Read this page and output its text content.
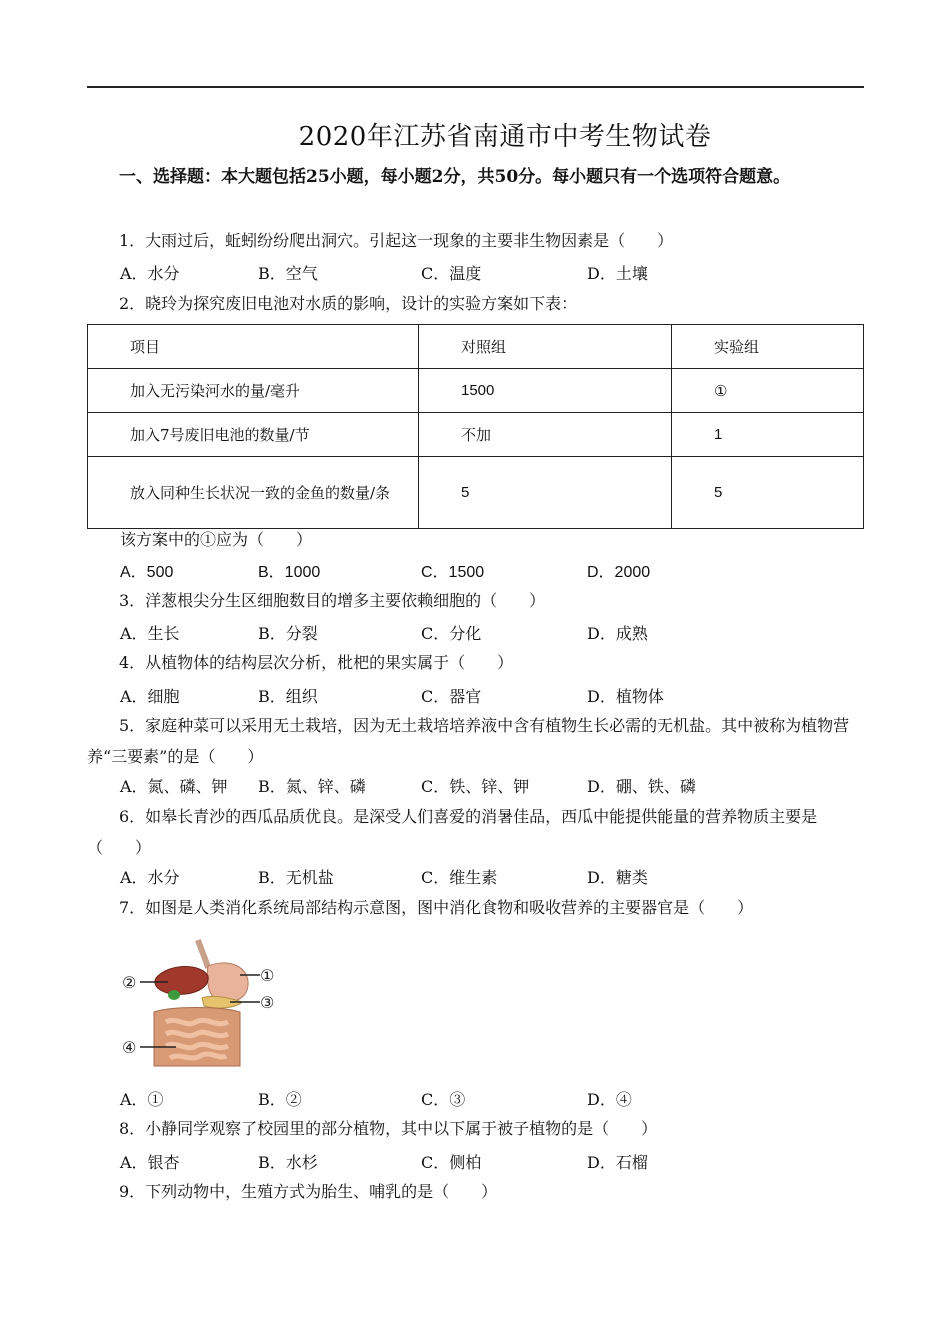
2020年江苏省南通市中考生物试卷
一、选择题：本大题包括25小题，每小题2分，共50分。每小题只有一个选项符合题意。
1．大雨过后，蚯蚓纷纷爬出洞穴。引起这一现象的主要非生物因素是（　　）
A．水分	B．空气	C．温度	D．土壤
2．晓玲为探究废旧电池对水质的影响，设计的实验方案如下表：
项目	对照组	实验组
加入无污染河水的量/毫升	1500	①
加入7号废旧电池的数量/节	不加	1
放入同种生长状况一致的金鱼的数量/条	5	5
该方案中的①应为（　　）
A．500	B．1000	C．1500	D．2000
3．洋葱根尖分生区细胞数目的增多主要依赖细胞的（　　）
A．生长	B．分裂	C．分化	D．成熟
4．从植物体的结构层次分析，枇杷的果实属于（　　）
A．细胞	B．组织	C．器官	D．植物体
5．家庭种菜可以采用无土栽培，因为无土栽培培养液中含有植物生长必需的无机盐。其中被称为植物营养“三要素”的是（　　）
A．氮、磷、钾 B．氮、锌、磷	C．铁、锌、钾	D．硼、铁、磷
6．如皋长青沙的西瓜品质优良。是深受人们喜爱的消暑佳品，西瓜中能提供能量的营养物质主要是（　　）
A．水分	B．无机盐	C．维生素	D．糖类
7．如图是人类消化系统局部结构示意图，图中消化食物和吸收营养的主要器官是（　　）
①
②
③
④
A．①	B．②	C．③	D．④
8．小静同学观察了校园里的部分植物，其中以下属于被子植物的是（　　）
A．银杏	B．水杉	C．侧柏	D．石榴
9．下列动物中，生殖方式为胎生、哺乳的是（　　）
